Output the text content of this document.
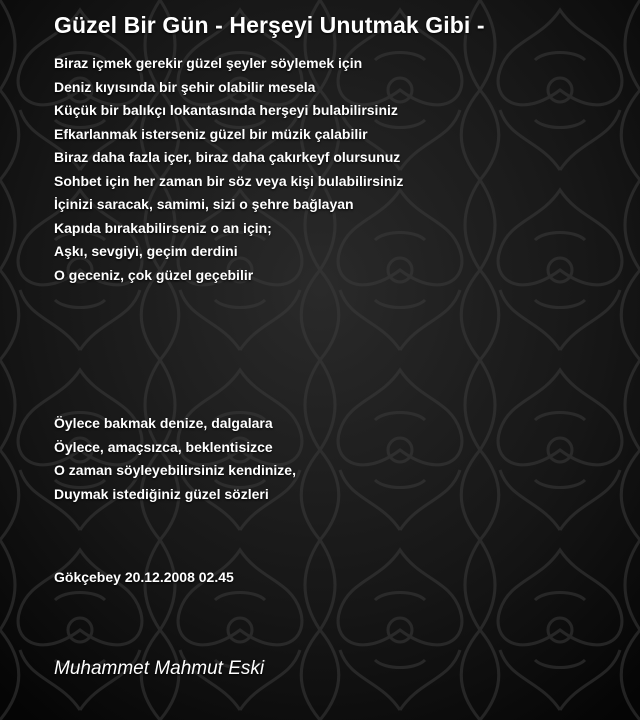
Güzel Bir Gün - Herşeyi Unutmak Gibi -
Biraz içmek gerekir güzel şeyler söylemek için
Deniz kıyısında bir şehir olabilir mesela
Küçük bir balıkçı lokantasında herşeyi bulabilirsiniz
Efkarlanmak isterseniz güzel bir müzik çalabilir
Biraz daha fazla içer, biraz daha çakırkeyf olursunuz
Sohbet için her zaman bir söz veya kişi bulabilirsiniz
İçinizi saracak, samimi, sizi o şehre bağlayan
Kapıda bırakabilirseniz o an için;
Aşkı, sevgiyi, geçim derdini
O geceniz, çok güzel geçebilir
Öylece bakmak denize, dalgalara
Öylece, amaçsızca, beklentisizce
O zaman söyleyebilirsiniz kendinize,
Duymak istediğiniz güzel sözleri
Gökçebey 20.12.2008 02.45

Muhammet Mahmut Eski
